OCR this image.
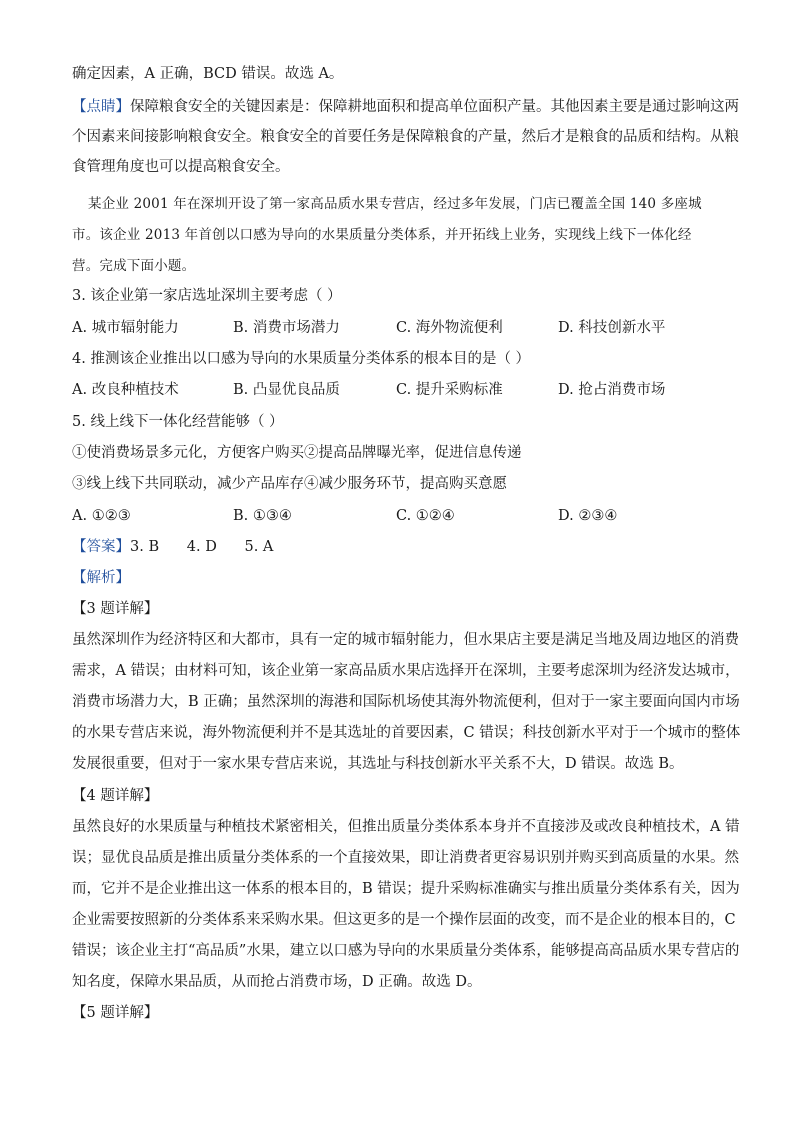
确定因素，A 正确，BCD 错误。故选 A。
【点睛】保障粮食安全的关键因素是：保障耕地面积和提高单位面积产量。其他因素主要是通过影响这两
个因素来间接影响粮食安全。粮食安全的首要任务是保障粮食的产量，然后才是粮食的品质和结构。从粮
食管理角度也可以提高粮食安全。
某企业 2001 年在深圳开设了第一家高品质水果专营店，经过多年发展，门店已覆盖全国 140 多座城
市。该企业 2013 年首创以口感为导向的水果质量分类体系，并开拓线上业务，实现线上线下一体化经
营。完成下面小题。
3. 该企业第一家店选址深圳主要考虑（ ）
A. 城市辐射能力	B. 消费市场潜力	C. 海外物流便利	D. 科技创新水平
4. 推测该企业推出以口感为导向的水果质量分类体系的根本目的是（ ）
A. 改良种植技术	B. 凸显优良品质	C. 提升采购标准	D. 抢占消费市场
5. 线上线下一体化经营能够（ ）
①使消费场景多元化，方便客户购买②提高品牌曝光率，促进信息传递
③线上线下共同联动，减少产品库存④减少服务环节，提高购买意愿
A. ①②③	B. ①③④	C. ①②④	D. ②③④
【答案】3. B      4. D      5. A
【解析】
【3 题详解】
虽然深圳作为经济特区和大都市，具有一定的城市辐射能力，但水果店主要是满足当地及周边地区的消费
需求，A 错误；由材料可知，该企业第一家高品质水果店选择开在深圳，主要考虑深圳为经济发达城市，
消费市场潜力大，B 正确；虽然深圳的海港和国际机场使其海外物流便利，但对于一家主要面向国内市场
的水果专营店来说，海外物流便利并不是其选址的首要因素，C 错误；科技创新水平对于一个城市的整体
发展很重要，但对于一家水果专营店来说，其选址与科技创新水平关系不大，D 错误。故选 B。
【4 题详解】
虽然良好的水果质量与种植技术紧密相关，但推出质量分类体系本身并不直接涉及或改良种植技术，A 错
误；显优良品质是推出质量分类体系的一个直接效果，即让消费者更容易识别并购买到高质量的水果。然
而，它并不是企业推出这一体系的根本目的，B 错误；提升采购标准确实与推出质量分类体系有关，因为
企业需要按照新的分类体系来采购水果。但这更多的是一个操作层面的改变，而不是企业的根本目的，C
错误；该企业主打“高品质”水果，建立以口感为导向的水果质量分类体系，能够提高高品质水果专营店的
知名度，保障水果品质，从而抢占消费市场，D 正确。故选 D。
【5 题详解】
